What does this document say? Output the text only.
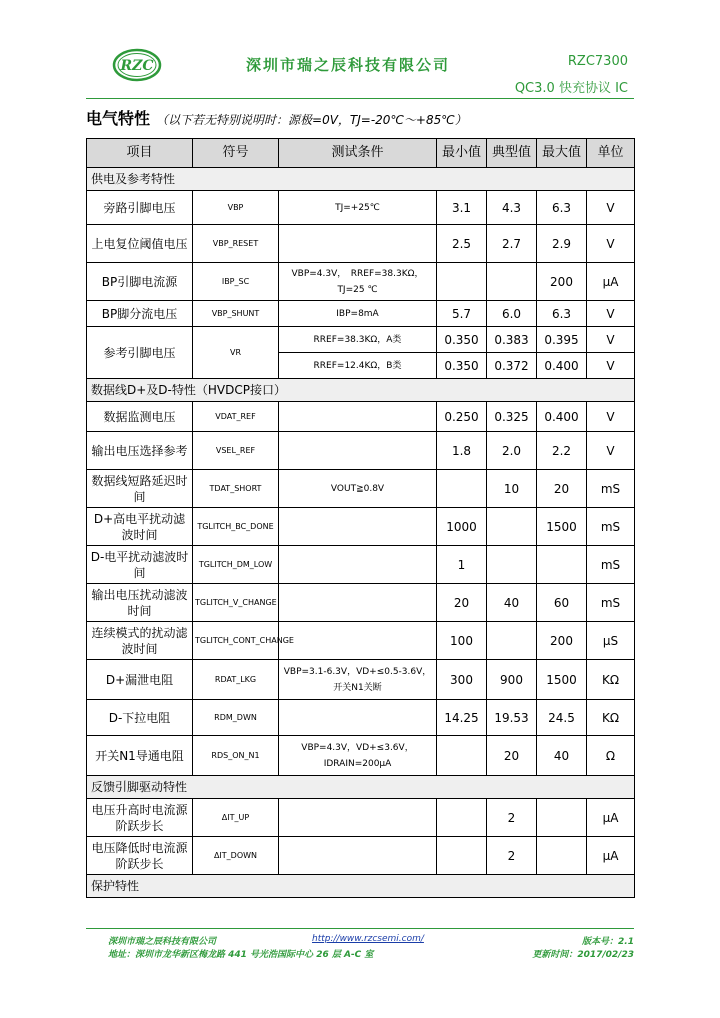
RZC	深圳市瑞之辰科技有限公司	RZC7300
QC3.0 快充协议 IC
电气特性 （以下若无特别说明时：源极=0V，TJ=-20℃～+85℃）
项目	符号	测试条件	最小值	典型值	最大值	单位
供电及参考特性						
旁路引脚电压	VBP	TJ=+25℃	3.1	4.3	6.3	V
上电复位阈值电压	VBP_RESET		2.5	2.7	2.9	V
BP引脚电流源	IBP_SC	VBP=4.3V，　RREF=38.3KΩ，TJ=25 ℃			200	μA
BP脚分流电压	VBP_SHUNT	IBP=8mA	5.7	6.0	6.3	V
参考引脚电压	VR	RREF=38.3KΩ，A类	0.350	0.383	0.395	V
		RREF=12.4KΩ，B类	0.350	0.372	0.400	V
数据线D+及D-特性（HVDCP接口）						
数据监测电压	VDAT_REF		0.250	0.325	0.400	V
输出电压选择参考	VSEL_REF		1.8	2.0	2.2	V
数据线短路延迟时间	TDAT_SHORT	VOUT≧0.8V		10	20	mS
D+高电平扰动滤波时间	TGLITCH_BC_DONE		1000		1500	mS
D-电平扰动滤波时间	TGLITCH_DM_LOW		1			mS
输出电压扰动滤波时间	TGLITCH_V_CHANGE		20	40	60	mS
连续模式的扰动滤波时间	TGLITCH_CONT_CHANGE		100		200	μS
D+漏泄电阻	RDAT_LKG	VBP=3.1-6.3V，VD+≤0.5-3.6V，开关N1关断	300	900	1500	KΩ
D-下拉电阻	RDM_DWN		14.25	19.53	24.5	KΩ
开关N1导通电阻	RDS_ON_N1	VBP=4.3V，VD+≤3.6V，IDRAIN=200μA		20	40	Ω
反馈引脚驱动特性						
电压升高时电流源阶跃步长	ΔIT_UP			2		μA
电压降低时电流源阶跃步长	ΔIT_DOWN			2		μA
保护特性						
深圳市瑞之辰科技有限公司	http://www.rzcsemi.com/	版本号：2.1
地址：深圳市龙华新区梅龙路 441 号光浩国际中心 26 层 A-C 室	更新时间：2017/02/23
